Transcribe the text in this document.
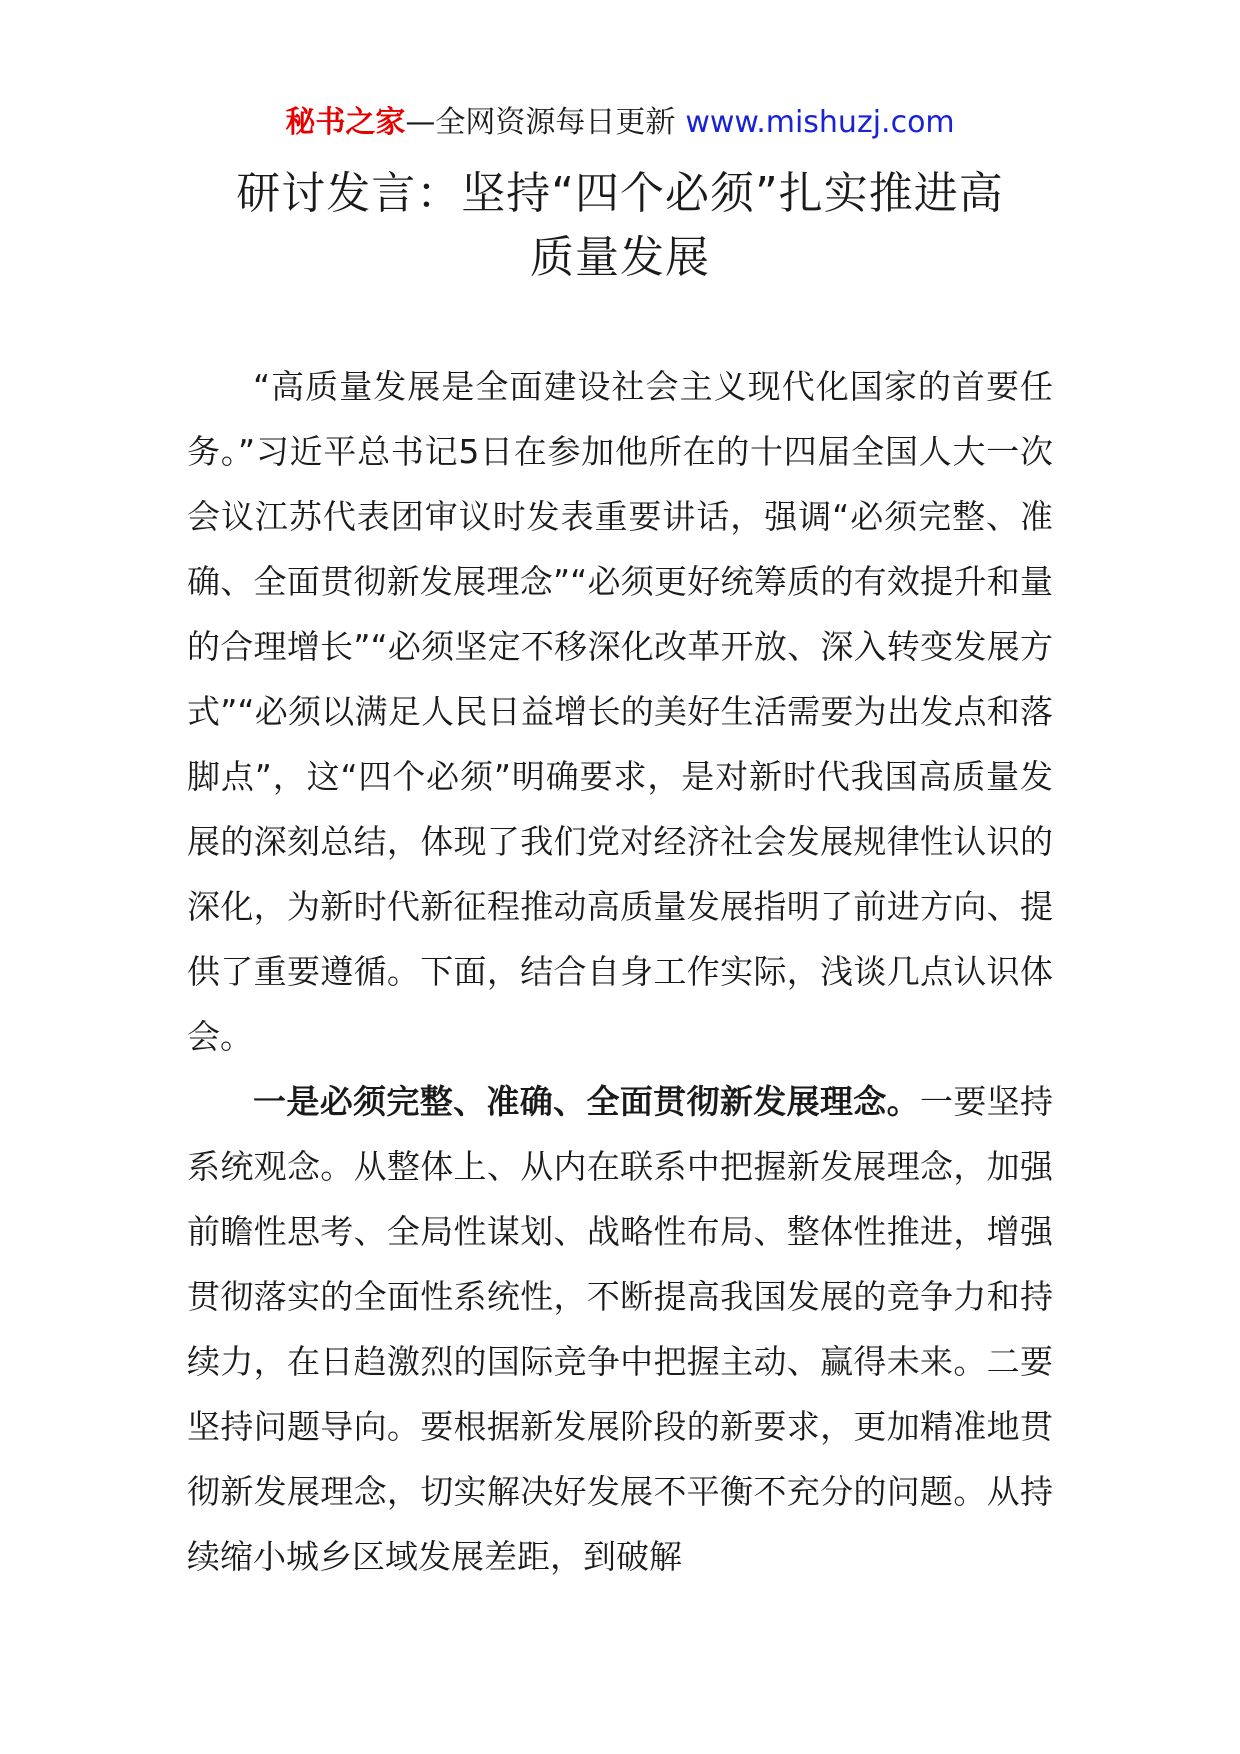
秘书之家—全网资源每日更新 www.mishuzj.com
研讨发言：坚持“四个必须”扎实推进高
质量发展

“高质量发展是全面建设社会主义现代化国家的首要任务。”习近平总书记5日在参加他所在的十四届全国人大一次会议江苏代表团审议时发表重要讲话，强调“必须完整、准确、全面贯彻新发展理念”“必须更好统筹质的有效提升和量的合理增长”“必须坚定不移深化改革开放、深入转变发展方式”“必须以满足人民日益增长的美好生活需要为出发点和落脚点”，这“四个必须”明确要求，是对新时代我国高质量发展的深刻总结，体现了我们党对经济社会发展规律性认识的深化，为新时代新征程推动高质量发展指明了前进方向、提供了重要遵循。下面，结合自身工作实际，浅谈几点认识体会。

一是必须完整、准确、全面贯彻新发展理念。一要坚持系统观念。从整体上、从内在联系中把握新发展理念，加强前瞻性思考、全局性谋划、战略性布局、整体性推进，增强贯彻落实的全面性系统性，不断提高我国发展的竞争力和持续力，在日趋激烈的国际竞争中把握主动、赢得未来。二要坚持问题导向。要根据新发展阶段的新要求，更加精准地贯彻新发展理念，切实解决好发展不平衡不充分的问题。从持续缩小城乡区域发展差距，到破解
